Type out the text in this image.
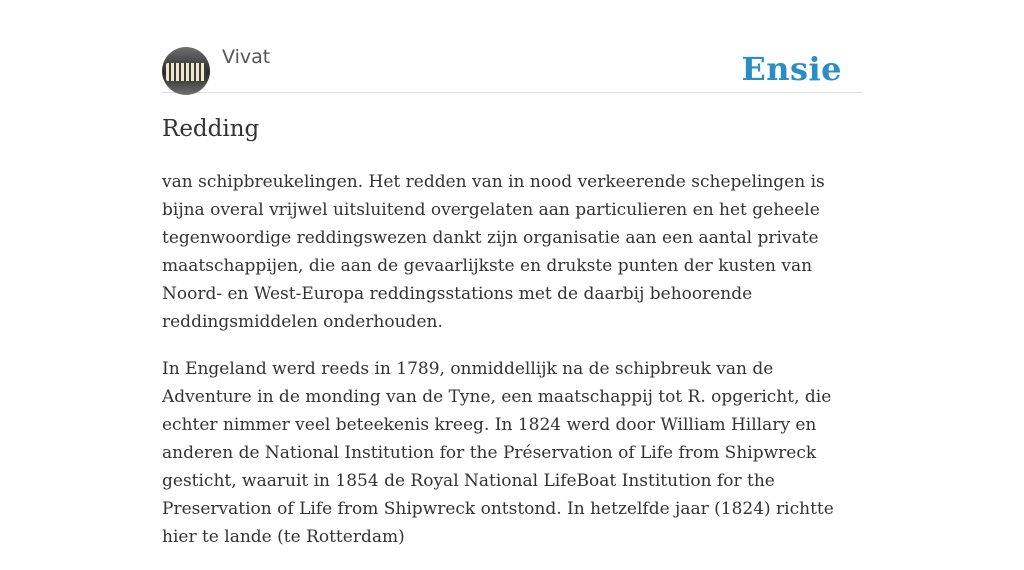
Vivat	Ensie
Redding

van schipbreukelingen. Het redden van in nood verkeerende schepelingen is bijna overal vrijwel uitsluitend overgelaten aan particulieren en het geheele tegenwoordige reddingswezen dankt zijn organisatie aan een aantal private maatschappijen, die aan de gevaarlijkste en drukste punten der kusten van Noord- en West-Europa reddingsstations met de daarbij behoorende reddingsmiddelen onderhouden.

In Engeland werd reeds in 1789, onmiddellijk na de schipbreuk van de Adventure in de monding van de Tyne, een maatschappij tot R. opgericht, die echter nimmer veel beteekenis kreeg. In 1824 werd door William Hillary en anderen de National Institution for the Préservation of Life from Shipwreck gesticht, waaruit in 1854 de Royal National LifeBoat Institution for the Preservation of Life from Shipwreck ontstond. In hetzelfde jaar (1824) richtte hier te lande (te Rotterdam)
